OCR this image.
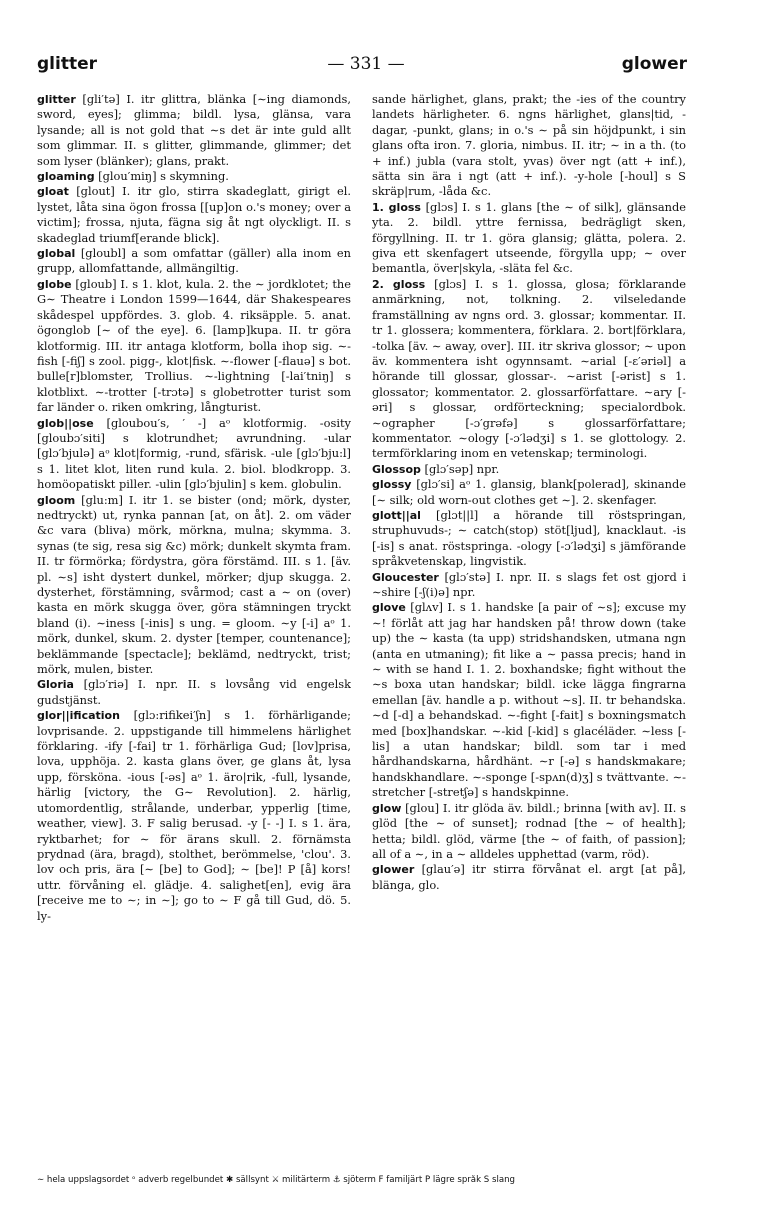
glitter	— 331 —	glower
glitter [gli′tə] I. itr glittra, blänka [∼ing diamonds, sword, eyes]; glimma; bildl. lysa, glänsa, vara lysande; all is not gold that ∼s det är inte guld allt som glimmar. II. s glitter, glimmande, glimmer; det som lyser (blänker); glans, prakt.
gloaming [glou′miŋ] s skymning.
gloat [glout] I. itr glo, stirra skadeglatt, girigt el. lystet, låta sina ögon frossa [[up]on o.'s money; over a victim]; frossa, njuta, fägna sig åt ngt olyckligt. II. s skadeglad triumf[erande blick].
global [gloubl] a som omfattar (gäller) alla inom en grupp, allomfattande, allmängiltig.
globe [gloub] I. s 1. klot, kula. 2. the ∼ jordklotet; the G∼ Theatre i London 1599—1644, där Shakespeares skådespel uppfördes. 3. glob. 4. riksäpple. 5. anat. ögonglob [∼ of the eye]. 6. [lamp]kupa. II. tr göra klotformig. III. itr antaga klotform, bolla ihop sig. ∼-fish [-fiʃ] s zool. pigg-, klot|fisk. ∼-flower [-flauə] s bot. bulle[r]blomster, Trollius. ∼-lightning [-lai′tniŋ] s klotblixt. ∼-trotter [-trɔtə] s globetrotter turist som far länder o. riken omkring, långturist.
glob||ose [gloubou′s, ′ -] aᵒ klotformig. -osity [gloubɔ′siti] s klotrundhet; avrundning. -ular [glɔ′bjulə] aᵒ klot|formig, -rund, sfärisk. -ule [glɔ′bju:l] s 1. litet klot, liten rund kula. 2. biol. blodkropp. 3. homöopatiskt piller. -ulin [glɔ′bjulin] s kem. globulin.
gloom [glu:m] I. itr 1. se bister (ond; mörk, dyster, nedtryckt) ut, rynka pannan [at, on åt]. 2. om väder &c vara (bliva) mörk, mörkna, mulna; skymma. 3. synas (te sig, resa sig &c) mörk; dunkelt skymta fram. II. tr förmörka; fördystra, göra förstämd. III. s 1. [äv. pl. ∼s] isht dystert dunkel, mörker; djup skugga. 2. dysterhet, förstämning, svårmod; cast a ∼ on (over) kasta en mörk skugga över, göra stämningen tryckt bland (i). ∼iness [-inis] s ung. = gloom. ∼y [-i] aᵒ 1. mörk, dunkel, skum. 2. dyster [temper, countenance]; beklämmande [spectacle]; beklämd, nedtryckt, trist; mörk, mulen, bister.
Gloria [glɔ′riə] I. npr. II. s lovsång vid engelsk gudstjänst.
glor||ification [glɔ:rifikei′ʃn] s 1. förhärligande; lovprisande. 2. uppstigande till himmelens härlighet förklaring. -ify [-fai] tr 1. förhärliga Gud; [lov]prisa, lova, upphöja. 2. kasta glans över, ge glans åt, lysa upp, försköna. -ious [-əs] aᵒ 1. äro|rik, -full, lysande, härlig [victory, the G∼ Revolution]. 2. härlig, utomordentlig, strålande, underbar, ypperlig [time, weather, view]. 3. F salig berusad. -y [- -] I. s 1. ära, ryktbarhet; for ∼ för ärans skull. 2. förnämsta prydnad (ära, bragd), stolthet, berömmelse, 'clou'. 3. lov och pris, ära [∼ [be] to God]; ∼ [be]! P [å] kors! uttr. förvåning el. glädje. 4. salighet[en], evig ära [receive me to ∼; in ∼]; go to ∼ F gå till Gud, dö. 5. ly-
sande härlighet, glans, prakt; the -ies of the country landets härligheter. 6. ngns härlighet, glans|tid, -dagar, -punkt, glans; in o.'s ∼ på sin höjdpunkt, i sin glans ofta iron. 7. gloria, nimbus. II. itr; ∼ in a th. (to + inf.) jubla (vara stolt, yvas) över ngt (att + inf.), sätta sin ära i ngt (att + inf.). -y-hole [-houl] s S skräp|rum, -låda &c.
1. gloss [glɔs] I. s 1. glans [the ∼ of silk], glänsande yta. 2. bildl. yttre fernissa, bedrägligt sken, förgyllning. II. tr 1. göra glansig; glätta, polera. 2. giva ett skenfagert utseende, förgylla upp; ∼ over bemantla, över|skyla, -släta fel &c.
2. gloss [glɔs] I. s 1. glossa, glosa; förklarande anmärkning, not, tolkning. 2. vilseledande framställning av ngns ord. 3. glossar; kommentar. II. tr 1. glossera; kommentera, förklara. 2. bort|förklara, -tolka [äv. ∼ away, over]. III. itr skriva glossor; ∼ upon äv. kommentera isht ogynnsamt. ∼arial [-ɛ′əriəl] a hörande till glossar, glossar-. ∼arist [-ərist] s 1. glossator; kommentator. 2. glossarförfattare. ∼ary [-əri] s glossar, ordförteckning; specialordbok. ∼ographer [-ɔ′grəfə] s glossarförfattare; kommentator. ∼ology [-ɔ′lədʒi] s 1. se glottology. 2. termförklaring inom en vetenskap; terminologi.
Glossop [glɔ′səp] npr.
glossy [glɔ′si] aᵒ 1. glansig, blank[polerad], skinande [∼ silk; old worn-out clothes get ∼]. 2. skenfager.
glott||al [glɔt||l] a hörande till röstspringan, struphuvuds-; ∼ catch(stop) stöt[ljud], knacklaut. -is [-is] s anat. röstspringa. -ology [-ɔ′lədʒi] s jämförande språkvetenskap, lingvistik.
Gloucester [glɔ′stə] I. npr. II. s slags fet ost gjord i ∼shire [-ʃ(i)ə] npr.
glove [glʌv] I. s 1. handske [a pair of ∼s]; excuse my ∼! förlåt att jag har handsken på! throw down (take up) the ∼ kasta (ta upp) stridshandsken, utmana ngn (anta en utmaning); fit like a ∼ passa precis; hand in ∼ with se hand I. 1. 2. boxhandske; fight without the ∼s boxa utan handskar; bildl. icke lägga fingrarna emellan [äv. handle a p. without ∼s]. II. tr behandska. ∼d [-d] a behandskad. ∼-fight [-fait] s boxningsmatch med [box]handskar. ∼-kid [-kid] s glacéläder. ∼less [-lis] a utan handskar; bildl. som tar i med hårdhandskarna, hårdhänt. ∼r [-ə] s handskmakare; handskhandlare. ∼-sponge [-spʌn(d)ʒ] s tvättvante. ∼-stretcher [-stretʃə] s handskpinne.
glow [glou] I. itr glöda äv. bildl.; brinna [with av]. II. s glöd [the ∼ of sunset]; rodnad [the ∼ of health]; hetta; bildl. glöd, värme [the ∼ of faith, of passion]; all of a ∼, in a ∼ alldeles upphettad (varm, röd).
glower [glau′ə] itr stirra förvånat el. argt [at på], blänga, glo.
∼ hela uppslagsordet ᵒ adverb regelbundet ✱ sällsynt ⚔ militärterm ⚓ sjöterm F familjärt P lägre språk S slang
